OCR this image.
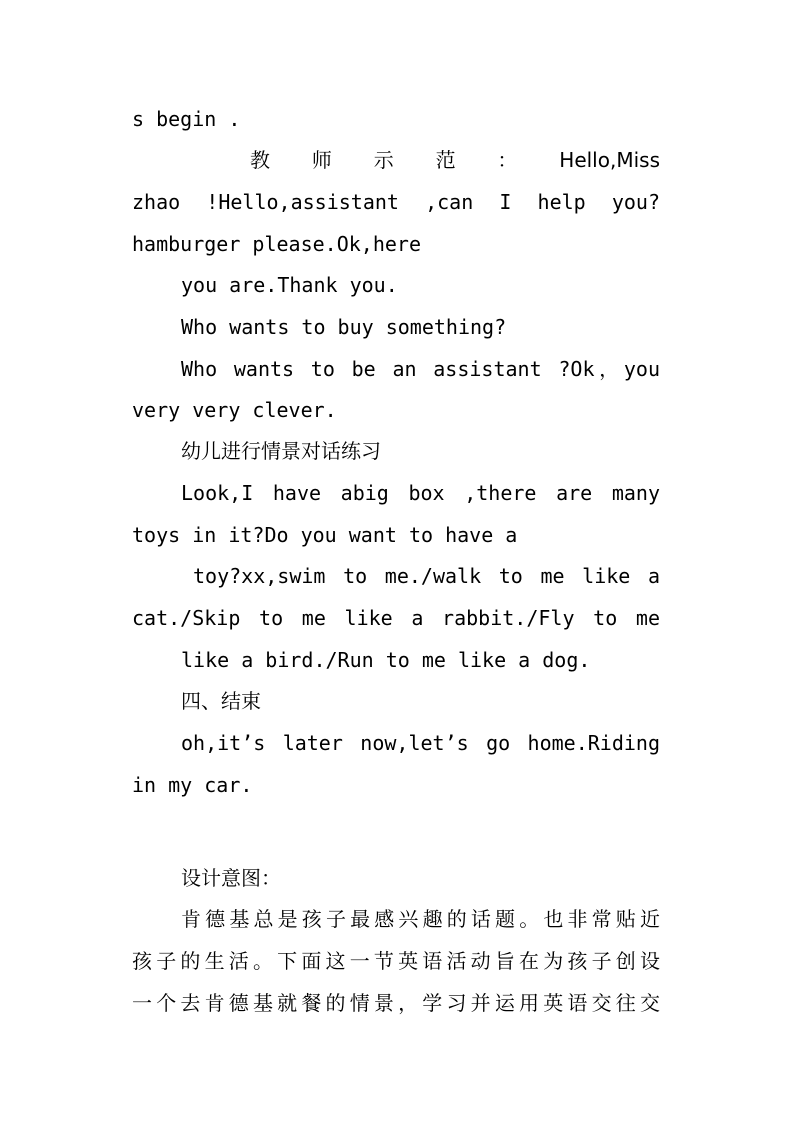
s begin .
教 师 示 范 ： Hello,Miss
zhao !Hello,assistant ,can I help you?
hamburger please.Ok,here
you are.Thank you.
Who wants to buy something?
Who wants to be an assistant ?Ok，you
very very clever.
幼儿进行情景对话练习
Look,I have abig box ,there are many
toys in it?Do you want to have a
toy?xx,swim to me./walk to me like a
cat./Skip to me like a rabbit./Fly to me
like a bird./Run to me like a dog.
四、结束
oh,it’s later now,let’s go home.Riding
in my car.
设计意图：
肯德基总是孩子最感兴趣的话题。也非常贴近
孩子的生活。下面这一节英语活动旨在为孩子创设
一个去肯德基就餐的情景，学习并运用英语交往交
